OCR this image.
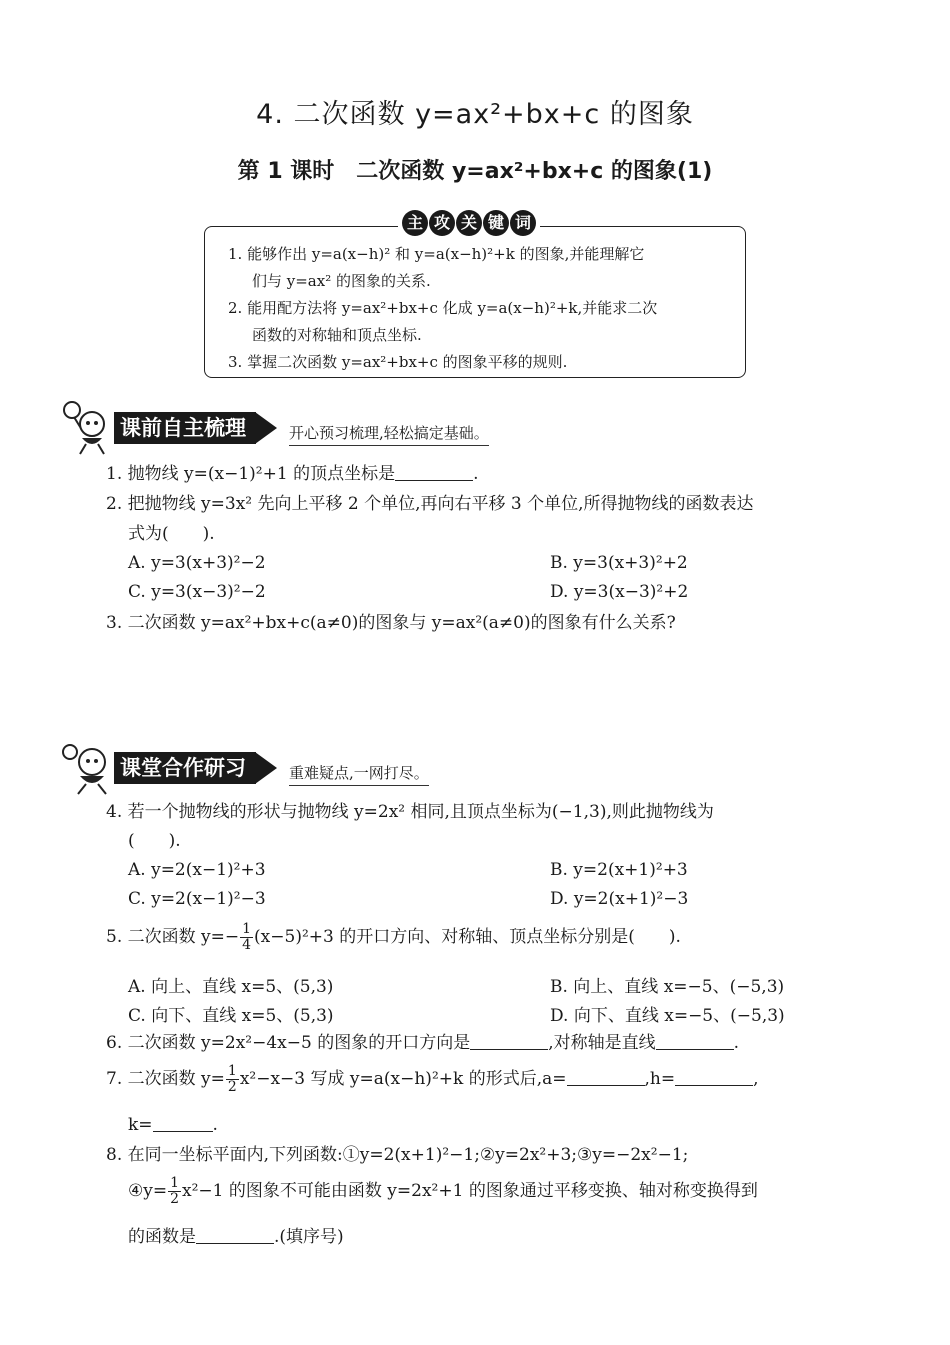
4. 二次函数 y=ax²+bx+c 的图象
第 1 课时　二次函数 y=ax²+bx+c 的图象(1)
主 攻 关 键 词
1. 能够作出 y=a(x−h)² 和 y=a(x−h)²+k 的图象,并能理解它
们与 y=ax² 的图象的关系.
2. 能用配方法将 y=ax²+bx+c 化成 y=a(x−h)²+k,并能求二次
函数的对称轴和顶点坐标.
3. 掌握二次函数 y=ax²+bx+c 的图象平移的规则.
课前自主梳理	开心预习梳理,轻松搞定基础。
1. 抛物线 y=(x−1)²+1 的顶点坐标是	.
2. 把抛物线 y=3x² 先向上平移 2 个单位,再向右平移 3 个单位,所得抛物线的函数表达
式为(　　).
A. y=3(x+3)²−2	B. y=3(x+3)²+2
C. y=3(x−3)²−2	D. y=3(x−3)²+2
3. 二次函数 y=ax²+bx+c(a≠0)的图象与 y=ax²(a≠0)的图象有什么关系?
课堂合作研习	重难疑点,一网打尽。
4. 若一个抛物线的形状与抛物线 y=2x² 相同,且顶点坐标为(−1,3),则此抛物线为
(　　).
A. y=2(x−1)²+3	B. y=2(x+1)²+3
C. y=2(x−1)²−3	D. y=2(x+1)²−3
5. 二次函数 $y=- \frac{1}{4} (x-5)^2+3$ 的开口方向、对称轴、顶点坐标分别是(　　).
A. 向上、直线 x=5、(5,3)	B. 向上、直线 x=−5、(−5,3)
C. 向下、直线 x=5、(5,3)	D. 向下、直线 x=−5、(−5,3)
6. 二次函数 y=2x²−4x−5 的图象的开口方向是	,对称轴是直线	.
7. 二次函数 $y= \frac{1}{2} x^2-x-3$ 写成 y=a(x−h)²+k 的形式后,a=	,h=	,
k=	.
8. 在同一坐标平面内,下列函数:①y=2(x+1)²−1;②y=2x²+3;③y=−2x²−1;
④y= $\frac{1}{2} x^2-1$ 的图象不可能由函数 y=2x²+1 的图象通过平移变换、轴对称变换得到
的函数是	.(填序号)
